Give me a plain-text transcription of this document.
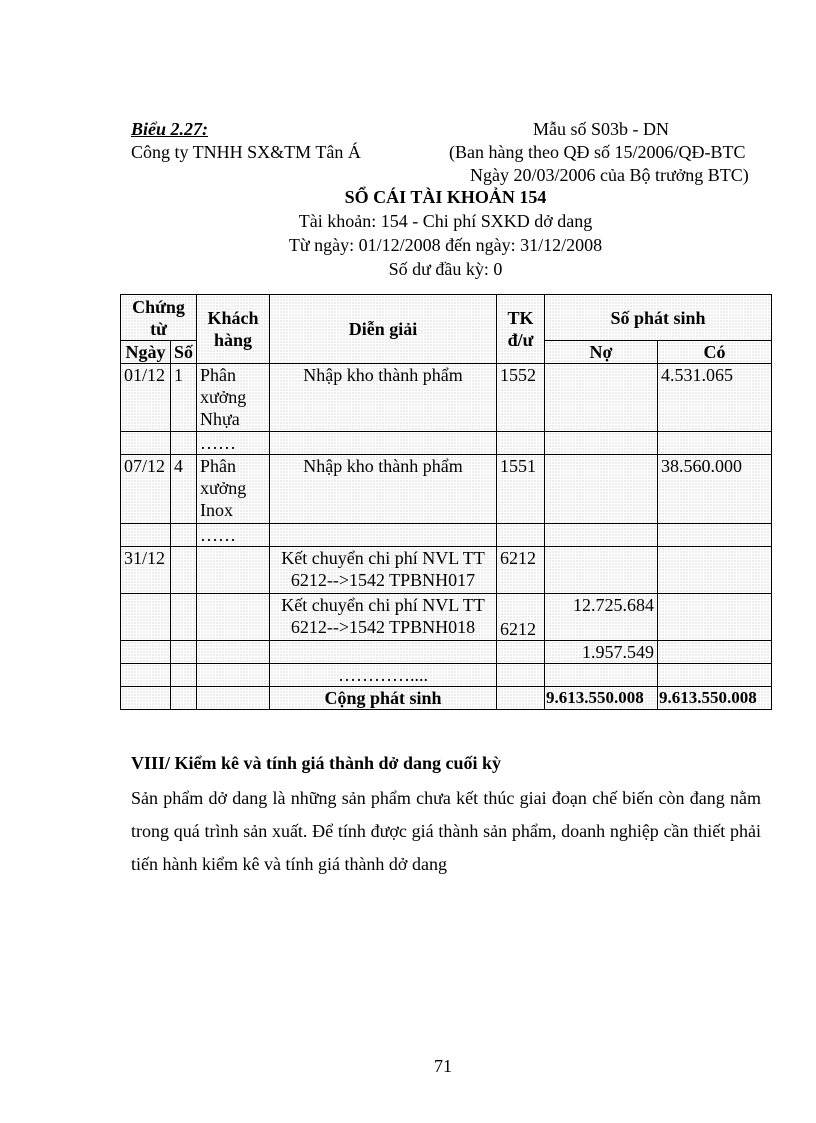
Biểu 2.27:	Mẫu số S03b - DN
Công ty TNHH SX&TM Tân Á	(Ban hàng theo QĐ số 15/2006/QĐ-BTC
Ngày 20/03/2006 của Bộ trưởng BTC)
SỔ CÁI TÀI KHOẢN 154
Tài khoản: 154 - Chi phí SXKD dở dang
Từ ngày: 01/12/2008 đến ngày: 31/12/2008
Số dư đầu kỳ: 0
Chứng từ		Khách hàng	Diễn giải	TK đ/ư	Số phát sinh	
Ngày	Số				Nợ	Có
01/12	1	Phân xưởng Nhựa	Nhập kho thành phẩm	1552		4.531.065
		……				
07/12	4	Phân xưởng Inox	Nhập kho thành phẩm	1551		38.560.000
		……				
31/12			Kết chuyển chi phí NVL TT 6212-->1542 TPBNH017	6212		
			Kết chuyển chi phí NVL TT 6212-->1542 TPBNH018	6212	12.725.684	
					1.957.549	
			…………....			
			Cộng phát sinh		9.613.550.008	9.613.550.008
VIII/ Kiểm kê và tính giá thành dở dang cuối kỳ
Sản phẩm dở dang là những sản phẩm chưa kết thúc giai đoạn chế biến còn đang nằm trong quá trình sản xuất. Để tính được giá thành sản phẩm, doanh nghiệp cần thiết phải tiến hành kiểm kê và tính giá thành dở dang
71
